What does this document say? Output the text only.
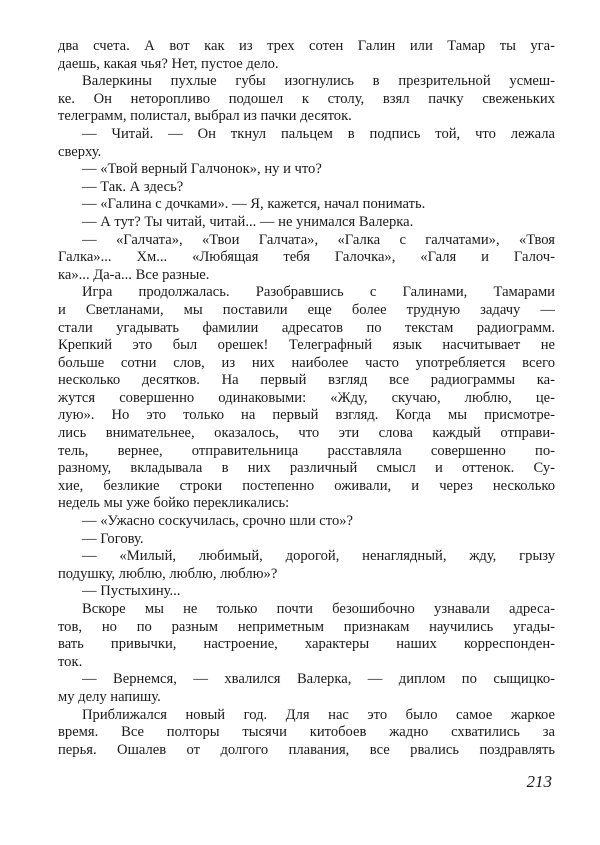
два счета. А вот как из трех сотен Галин или Тамар ты уга-
даешь, какая чья? Нет, пустое дело.
Валеркины пухлые губы изогнулись в презрительной усмеш-
ке. Он неторопливо подошел к столу, взял пачку свеженьких
телеграмм, полистал, выбрал из пачки десяток.
— Читай. — Он ткнул пальцем в подпись той, что лежала
сверху.
— «Твой верный Галчонок», ну и что?
— Так. А здесь?
— «Галина с дочками». — Я, кажется, начал понимать.
— А тут? Ты читай, читай... — не унимался Валерка.
— «Галчата», «Твои Галчата», «Галка с галчатами», «Твоя
Галка»... Хм... «Любящая тебя Галочка», «Галя и Галоч-
ка»... Да-а... Все разные.
Игра продолжалась. Разобравшись с Галинами, Тамарами
и Светланами, мы поставили еще более трудную задачу —
стали угадывать фамилии адресатов по текстам радиограмм.
Крепкий это был орешек! Телеграфный язык насчитывает не
больше сотни слов, из них наиболее часто употребляется всего
несколько десятков. На первый взгляд все радиограммы ка-
жутся совершенно одинаковыми: «Жду, скучаю, люблю, це-
лую». Но это только на первый взгляд. Когда мы присмотре-
лись внимательнее, оказалось, что эти слова каждый отправи-
тель, вернее, отправительница расставляла совершенно по-
разному, вкладывала в них различный смысл и оттенок. Су-
хие, безликие строки постепенно оживали, и через несколько
недель мы уже бойко перекликались:
— «Ужасно соскучилась, срочно шли сто»?
— Гогову.
— «Милый, любимый, дорогой, ненаглядный, жду, грызу
подушку, люблю, люблю, люблю»?
— Пустыхину...
Вскоре мы не только почти безошибочно узнавали адреса-
тов, но по разным неприметным признакам научились угады-
вать привычки, настроение, характеры наших корреспонден-
ток.
— Вернемся, — хвалился Валерка, — диплом по сыщицко-
му делу напишу.
Приближался новый год. Для нас это было самое жаркое
время. Все полторы тысячи китобоев жадно схватились за
перья. Ошалев от долгого плавания, все рвались поздравлять
213
